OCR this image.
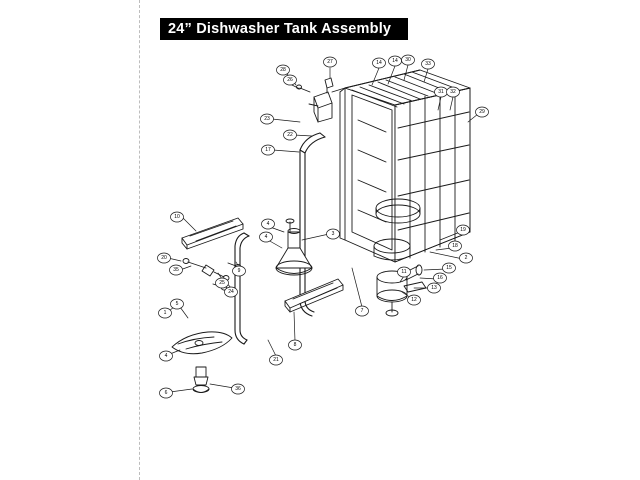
24” Dishwasher Tank Assembly
27
26
28
14 14 30
33
31 32
29
23
22
17
10
4
3
4
20
35
25
24
9
1
5
4
6
36
21
8
7
12
13
11
15
16
2
19
18
